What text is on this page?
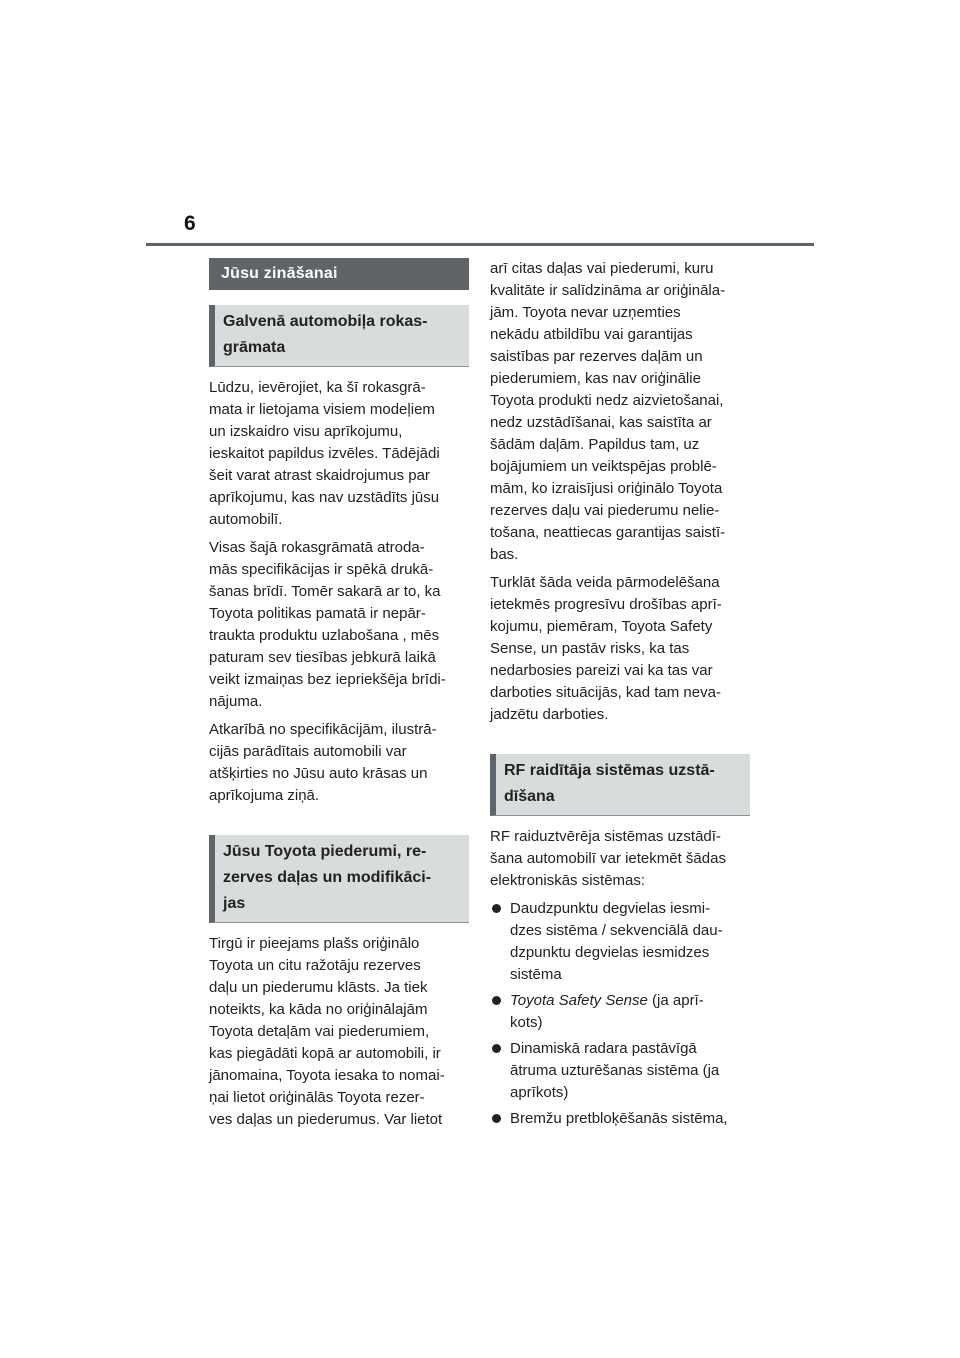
6
Jūsu zināšanai
Galvenā automobiļa rokas-
grāmata

Lūdzu, ievērojiet, ka šī rokasgrā-
mata ir lietojama visiem modeļiem
un izskaidro visu aprīkojumu,
ieskaitot papildus izvēles. Tādējādi
šeit varat atrast skaidrojumus par
aprīkojumu, kas nav uzstādīts jūsu
automobilī.

Visas šajā rokasgrāmatā atroda-
mās specifikācijas ir spēkā drukā-
šanas brīdī. Tomēr sakarā ar to, ka
Toyota politikas pamatā ir nepār-
traukta produktu uzlabošana , mēs
paturam sev tiesības jebkurā laikā
veikt izmaiņas bez iepriekšēja brīdi-
nājuma.

Atkarībā no specifikācijām, ilustrā-
cijās parādītais automobili var
atšķirties no Jūsu auto krāsas un
aprīkojuma ziņā.

Jūsu Toyota piederumi, re-
zerves daļas un modifikāci-
jas

Tirgū ir pieejams plašs oriģinālo
Toyota un citu ražotāju rezerves
daļu un piederumu klāsts. Ja tiek
noteikts, ka kāda no oriģinālajām
Toyota detaļām vai piederumiem,
kas piegādāti kopā ar automobili, ir
jānomaina, Toyota iesaka to nomai-
ņai lietot oriģinālās Toyota rezer-
ves daļas un piederumus. Var lietot

arī citas daļas vai piederumi, kuru
kvalitāte ir salīdzināma ar oriģināla-
jām. Toyota nevar uzņemties
nekādu atbildību vai garantijas
saistības par rezerves daļām un
piederumiem, kas nav oriģinālie
Toyota produkti nedz aizvietošanai,
nedz uzstādīšanai, kas saistīta ar
šādām daļām. Papildus tam, uz
bojājumiem un veiktspējas problē-
mām, ko izraisījusi oriģinālo Toyota
rezerves daļu vai piederumu nelie-
tošana, neattiecas garantijas saistī-
bas.

Turklāt šāda veida pārmodelēšana
ietekmēs progresīvu drošības aprī-
kojumu, piemēram, Toyota Safety
Sense, un pastāv risks, ka tas
nedarbosies pareizi vai ka tas var
darboties situācijās, kad tam neva-
jadzētu darboties.

RF raidītāja sistēmas uzstā-
dīšana

RF raiduztvērēja sistēmas uzstādī-
šana automobilī var ietekmēt šādas
elektroniskās sistēmas:

Daudzpunktu degvielas iesmi-
dzes sistēma / sekvenciālā dau-
dzpunktu degvielas iesmidzes
sistēma
Toyota Safety Sense (ja aprī-
kots)
Dinamiskā radara pastāvīgā
ātruma uzturēšanas sistēma (ja
aprīkots)
Bremžu pretbloķēšanās sistēma,
